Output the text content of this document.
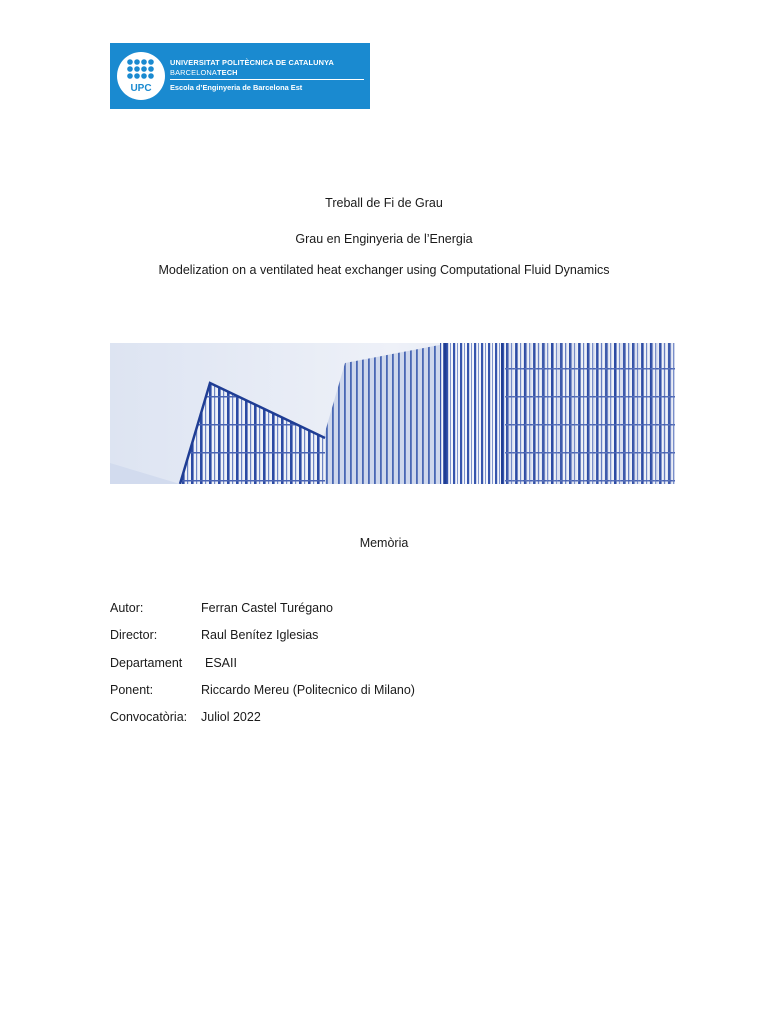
UPC
UNIVERSITAT POLITÈCNICA DE CATALUNYA
BARCELONATECH
Escola d’Enginyeria de Barcelona Est
Treball de Fi de Grau
Grau en Enginyeria de l’Energia
Modelization on a ventilated heat exchanger using Computational Fluid Dynamics
Memòria
Autor:	Ferran Castel Turégano
Director:	Raul Benítez Iglesias
Departament ESAII
Ponent:	Riccardo Mereu (Politecnico di Milano)
Convocatòria: Juliol 2022
